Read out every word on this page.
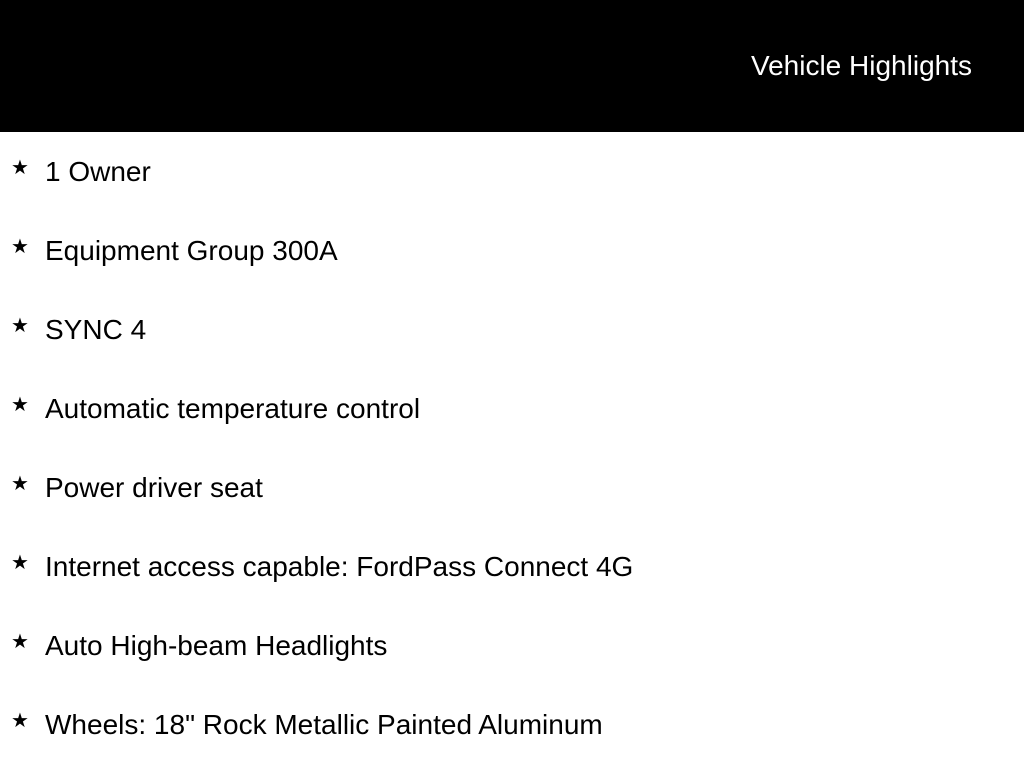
Vehicle Highlights
★ 1 Owner
★ Equipment Group 300A
★ SYNC 4
★ Automatic temperature control
★ Power driver seat
★ Internet access capable: FordPass Connect 4G
★ Auto High-beam Headlights
★ Wheels: 18" Rock Metallic Painted Aluminum
